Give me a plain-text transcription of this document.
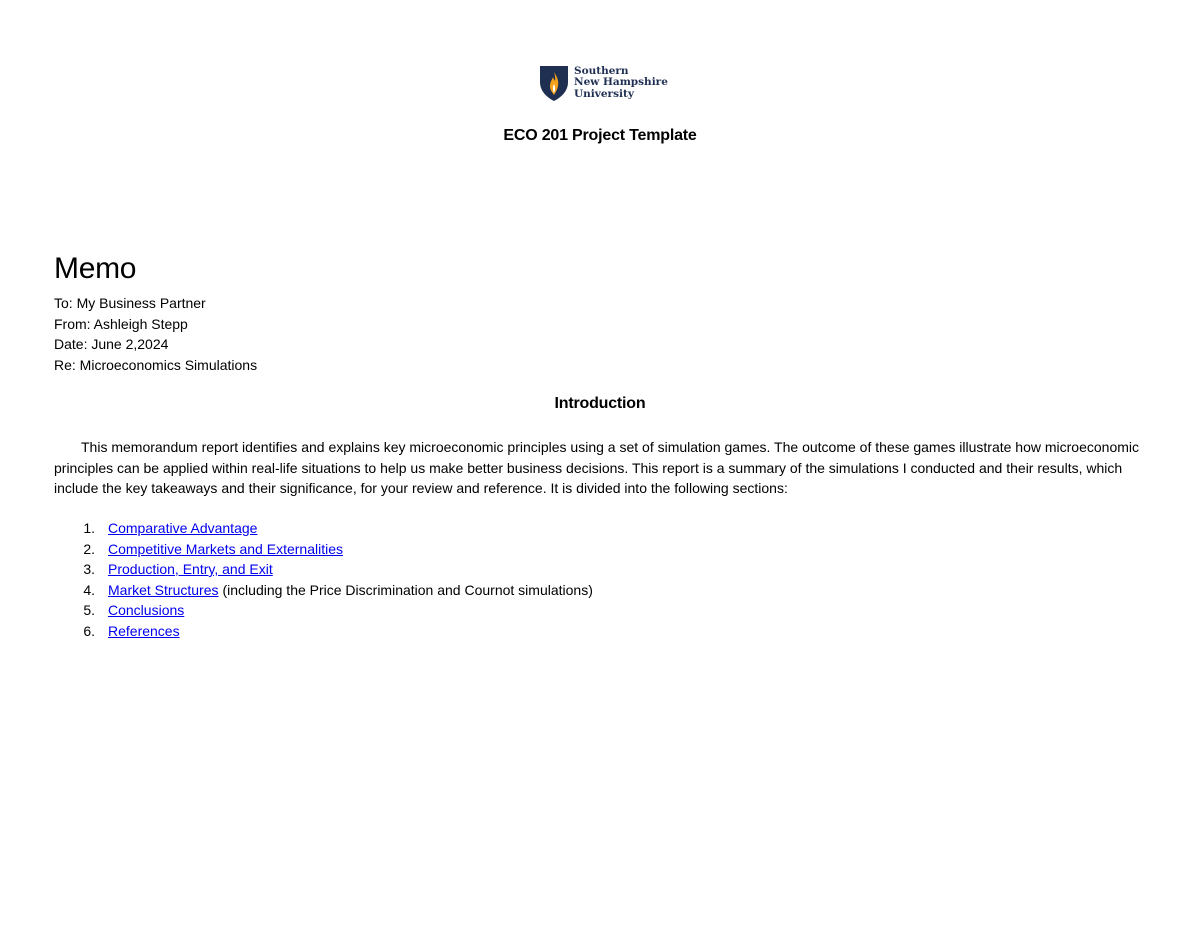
Southern
New Hampshire
University
ECO 201 Project Template
Memo
To: My Business Partner
From: Ashleigh Stepp
Date: June 2,2024
Re: Microeconomics Simulations
Introduction

This memorandum report identifies and explains key microeconomic principles using a set of simulation games. The outcome of these games illustrate how microeconomic principles can be applied within real-life situations to help us make better business decisions. This report is a summary of the simulations I conducted and their results, which include the key takeaways and their significance, for your review and reference. It is divided into the following sections:

1. Comparative Advantage
2. Competitive Markets and Externalities
3. Production, Entry, and Exit
4. Market Structures (including the Price Discrimination and Cournot simulations)
5. Conclusions
6. References
